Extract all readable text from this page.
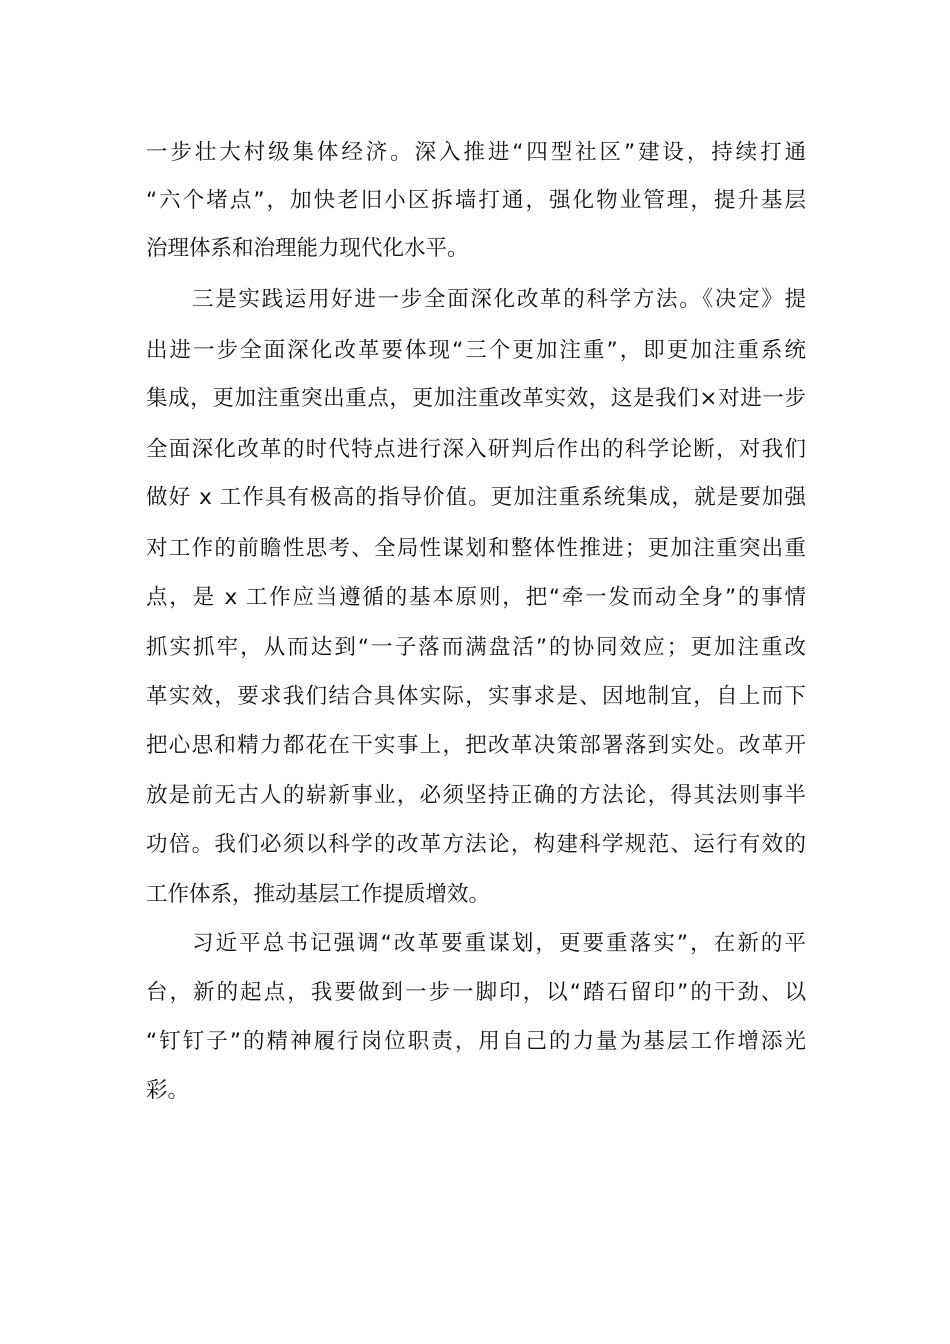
一步壮大村级集体经济。深入推进“四型社区”建设，持续打通

“六个堵点”，加快老旧小区拆墙打通，强化物业管理，提升基层

治理体系和治理能力现代化水平。

三是实践运用好进一步全面深化改革的科学方法。《决定》提

出进一步全面深化改革要体现“三个更加注重”，即更加注重系统

集成，更加注重突出重点，更加注重改革实效，这是我们×对进一步

全面深化改革的时代特点进行深入研判后作出的科学论断，对我们

做好 x 工作具有极高的指导价值。更加注重系统集成，就是要加强

对工作的前瞻性思考、全局性谋划和整体性推进；更加注重突出重

点，是 x 工作应当遵循的基本原则，把“牵一发而动全身”的事情

抓实抓牢，从而达到“一子落而满盘活”的协同效应；更加注重改

革实效，要求我们结合具体实际，实事求是、因地制宜，自上而下

把心思和精力都花在干实事上，把改革决策部署落到实处。改革开

放是前无古人的崭新事业，必须坚持正确的方法论，得其法则事半

功倍。我们必须以科学的改革方法论，构建科学规范、运行有效的

工作体系，推动基层工作提质增效。

习近平总书记强调“改革要重谋划，更要重落实”，在新的平

台，新的起点，我要做到一步一脚印，以“踏石留印”的干劲、以

“钉钉子”的精神履行岗位职责，用自己的力量为基层工作增添光

彩。
